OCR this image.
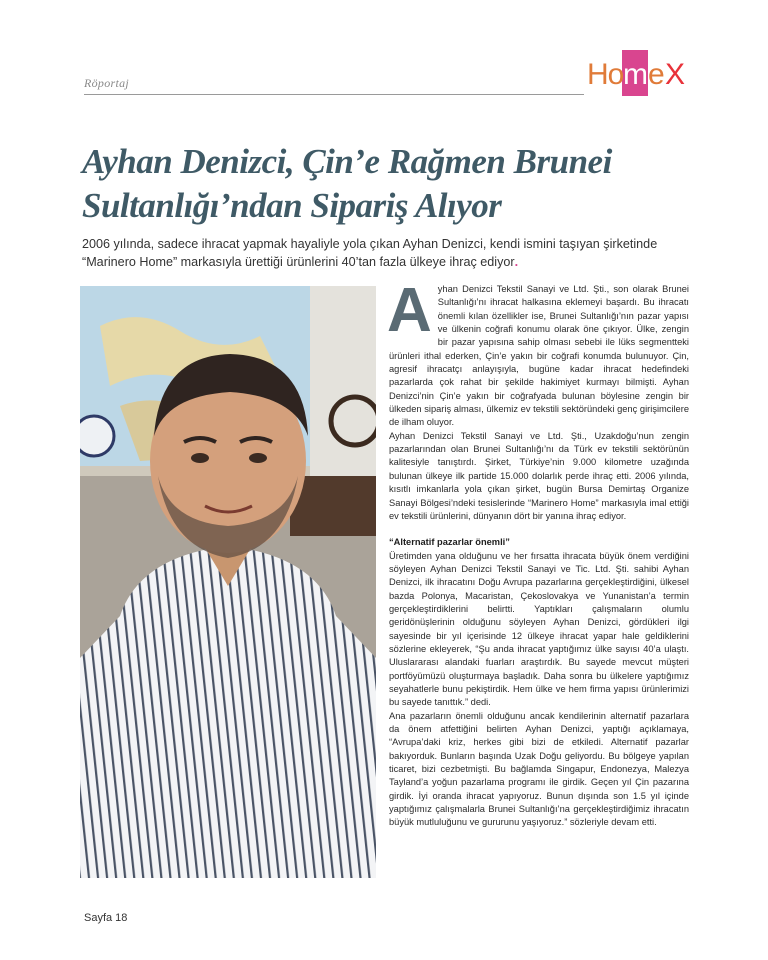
Röportaj	Ho m e X
Ayhan Denizci, Çin’e Rağmen Brunei
Sultanlığı’ndan Sipariş Alıyor

2006 yılında, sadece ihracat yapmak hayaliyle yola çıkan Ayhan Denizci, kendi ismini taşıyan şirketinde “Marinero Home” markasıyla ürettiği ürünlerini 40’tan fazla ülkeye ihraç ediyor.

Ayhan Denizci Tekstil Sanayi ve Ltd. Şti., son olarak Brunei Sultanlığı’nı ihracat halkasına eklemeyi başardı. Bu ihracatı önemli kılan özellikler ise, Brunei Sultanlığı’nın pazar yapısı ve ülkenin coğrafi konumu olarak öne çıkıyor. Ülke, zengin bir pazar yapısına sahip olması sebebi ile lüks segmentteki ürünleri ithal ederken, Çin’e yakın bir coğrafi konumda bulunuyor. Çin, agresif ihracatçı anlayışıyla, bugüne kadar ihracat hedefindeki pazarlarda çok rahat bir şekilde hakimiyet kurmayı bilmişti. Ayhan Denizci’nin Çin’e yakın bir coğrafyada bulunan böylesine zengin bir ülkeden sipariş alması, ülkemiz ev tekstili sektöründeki genç girişimcilere de ilham oluyor.

Ayhan Denizci Tekstil Sanayi ve Ltd. Şti., Uzakdoğu’nun zengin pazarlarından olan Brunei Sultanlığı’nı da Türk ev tekstili sektörünün kalitesiyle tanıştırdı. Şirket, Türkiye’nin 9.000 kilometre uzağında bulunan ülkeye ilk partide 15.000 dolarlık perde ihraç etti. 2006 yılında, kısıtlı imkanlarla yola çıkan şirket, bugün Bursa Demirtaş Organize Sanayi Bölgesi’ndeki tesislerinde “Marinero Home” markasıyla imal ettiği ev tekstili ürünlerini, dünyanın dört bir yanına ihraç ediyor.

“Alternatif pazarlar önemli”

Üretimden yana olduğunu ve her fırsatta ihracata büyük önem verdiğini söyleyen Ayhan Denizci Tekstil Sanayi ve Tic. Ltd. Şti. sahibi Ayhan Denizci, ilk ihracatını Doğu Avrupa pazarlarına gerçekleştirdiğini, ülkesel bazda Polonya, Macaristan, Çekoslovakya ve Yunanistan’a termin gerçekleştirdiklerini belirtti. Yaptıkları çalışmaların olumlu geridönüşlerinin olduğunu söyleyen Ayhan Denizci, gördükleri ilgi sayesinde bir yıl içerisinde 12 ülkeye ihracat yapar hale geldiklerini sözlerine ekleyerek, “Şu anda ihracat yaptığımız ülke sayısı 40’a ulaştı. Uluslararası alandaki fuarları araştırdık. Bu sayede mevcut müşteri portföyümüzü oluşturmaya başladık. Daha sonra bu ülkelere yaptığımız seyahatlerle bunu pekiştirdik. Hem ülke ve hem firma yapısı ürünlerimizi bu sayede tanıttık.” dedi.

Ana pazarların önemli olduğunu ancak kendilerinin alternatif pazarlara da önem atfettiğini belirten Ayhan Denizci, yaptığı açıklamaya, “Avrupa’daki kriz, herkes gibi bizi de etkiledi. Alternatif pazarlar bakıyorduk. Bunların başında Uzak Doğu geliyordu. Bu bölgeye yapılan ticaret, bizi cezbetmişti. Bu bağlamda Singapur, Endonezya, Malezya Tayland’a yoğun pazarlama programı ile girdik. Geçen yıl Çin pazarına girdik. İyi oranda ihracat yapıyoruz. Bunun dışında son 1.5 yıl içinde yaptığımız çalışmalarla Brunei Sultanlığı’na gerçekleştirdiğimiz ihracatın büyük mutluluğunu ve gururunu yaşıyoruz.” sözleriyle devam etti.

Sayfa 18
